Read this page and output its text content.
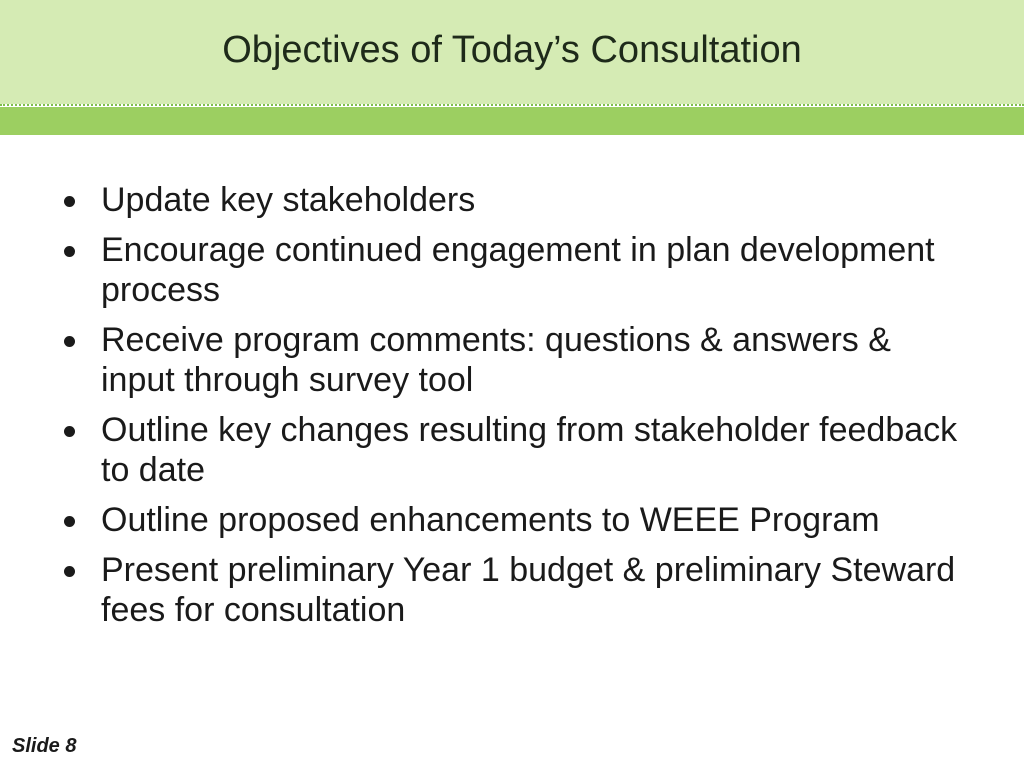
Objectives of Today’s Consultation
Update key stakeholders
Encourage continued engagement in plan development process
Receive program comments: questions & answers & input through survey tool
Outline key changes resulting from stakeholder feedback to date
Outline proposed enhancements to WEEE Program
Present preliminary Year 1 budget & preliminary Steward fees for consultation
Slide 8
